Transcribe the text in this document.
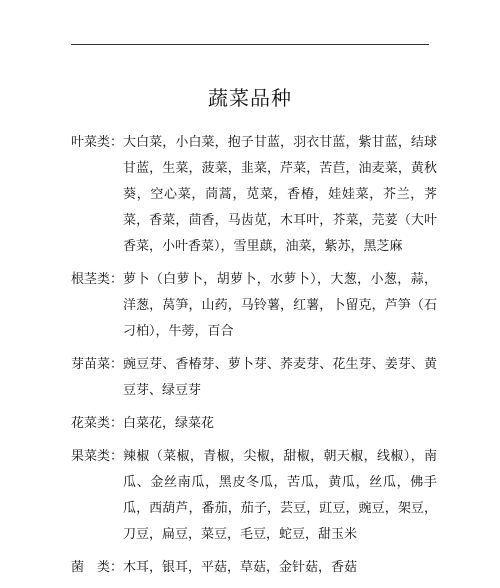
蔬菜品种
叶菜类： 大白菜，小白菜，抱子甘蓝，羽衣甘蓝，紫甘蓝，结球甘蓝，生菜，菠菜，韭菜，芹菜，苦苣，油麦菜，黄秋葵，空心菜，茼蒿，苋菜，香椿，娃娃菜，芥兰，荠菜，香菜，茴香，马齿苋，木耳叶，芥菜，芫荽（大叶香菜，小叶香菜），雪里蕻，油菜，紫苏，黑芝麻
根茎类： 萝卜（白萝卜，胡萝卜，水萝卜），大葱，小葱，蒜，洋葱，莴笋，山药，马铃薯，红薯，卜留克，芦笋（石刁柏），牛蒡，百合
芽苗菜： 豌豆芽、香椿芽、萝卜芽、荞麦芽、花生芽、姜芽、黄豆芽、绿豆芽
花菜类： 白菜花，绿菜花
果菜类： 辣椒（菜椒，青椒，尖椒，甜椒，朝天椒，线椒），南瓜、金丝南瓜，黑皮冬瓜，苦瓜，黄瓜，丝瓜，佛手瓜，西葫芦，番茄，茄子，芸豆，豇豆，豌豆，架豆，刀豆，扁豆，菜豆，毛豆，蛇豆，甜玉米
菌　类： 木耳，银耳，平菇，草菇，金针菇，香菇
